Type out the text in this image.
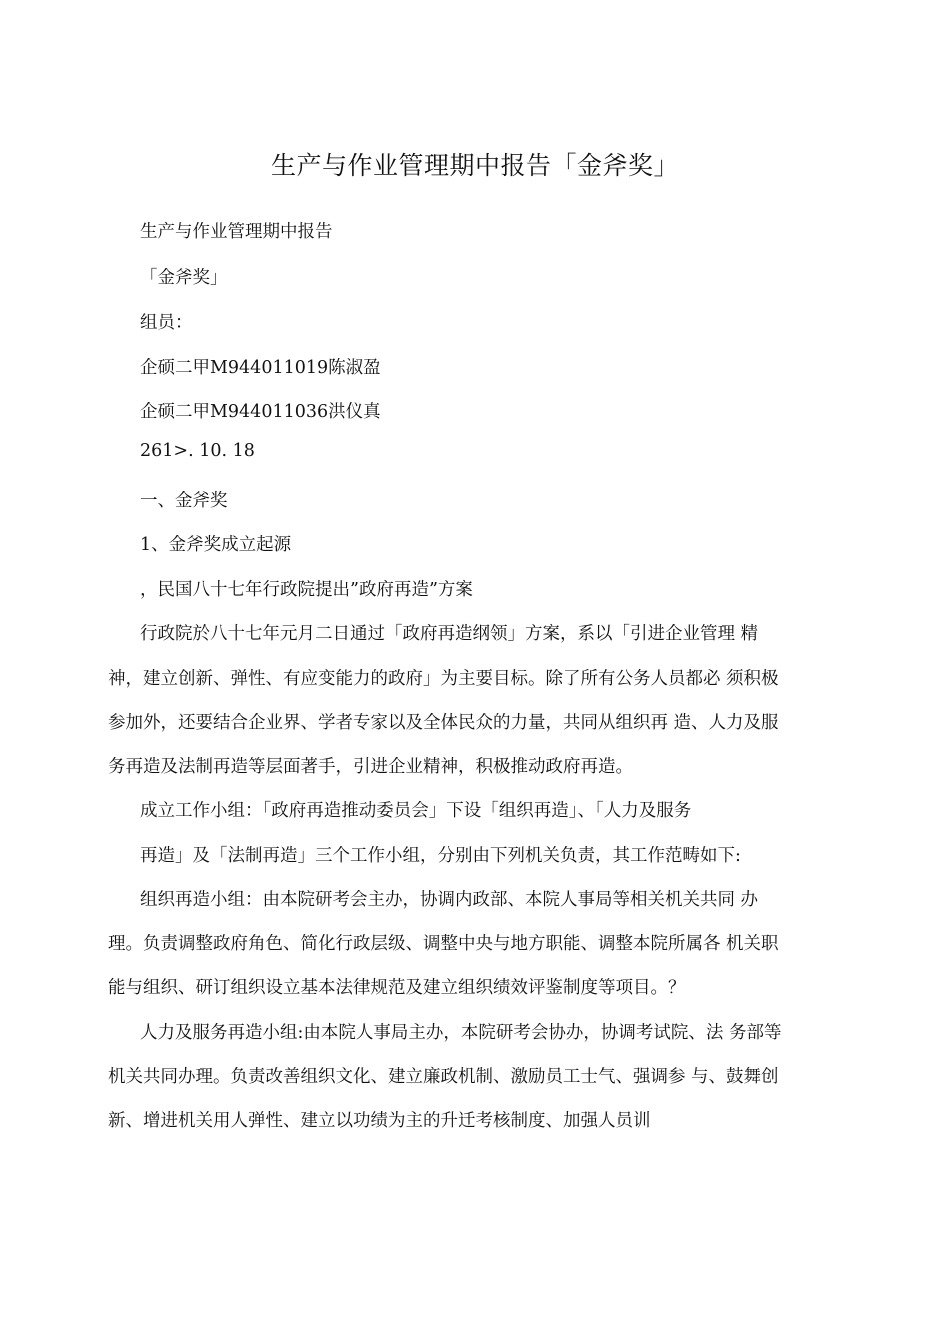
生产与作业管理期中报告「金斧奖」
生产与作业管理期中报告
「金斧奖」
组员：
企硕二甲M944011019陈淑盈
企硕二甲M944011036洪仪真
261>. 10. 18
一、金斧奖
1、金斧奖成立起源
，民国八十七年行政院提出”政府再造”方案
行政院於八十七年元月二日通过「政府再造纲领」方案，系以「引进企业管理 精
神，建立创新、弹性、有应变能力的政府」为主要目标。除了所有公务人员都必 须积极
参加外，还要结合企业界、学者专家以及全体民众的力量，共同从组织再 造、人力及服
务再造及法制再造等层面著手，引进企业精神，积极推动政府再造。
成立工作小组：「政府再造推动委员会」下设「组织再造」、「人力及服务
再造」及「法制再造」三个工作小组，分别由下列机关负责，其工作范畴如下:
组织再造小组：由本院研考会主办，协调内政部、本院人事局等相关机关共同 办
理。负责调整政府角色、简化行政层级、调整中央与地方职能、调整本院所属各 机关职
能与组织、研订组织设立基本法律规范及建立组织绩效评鉴制度等项目。？
人力及服务再造小组:由本院人事局主办，本院研考会协办，协调考试院、法 务部等
机关共同办理。负责改善组织文化、建立廉政机制、激励员工士气、强调参 与、鼓舞创
新、增进机关用人弹性、建立以功绩为主的升迁考核制度、加强人员训
